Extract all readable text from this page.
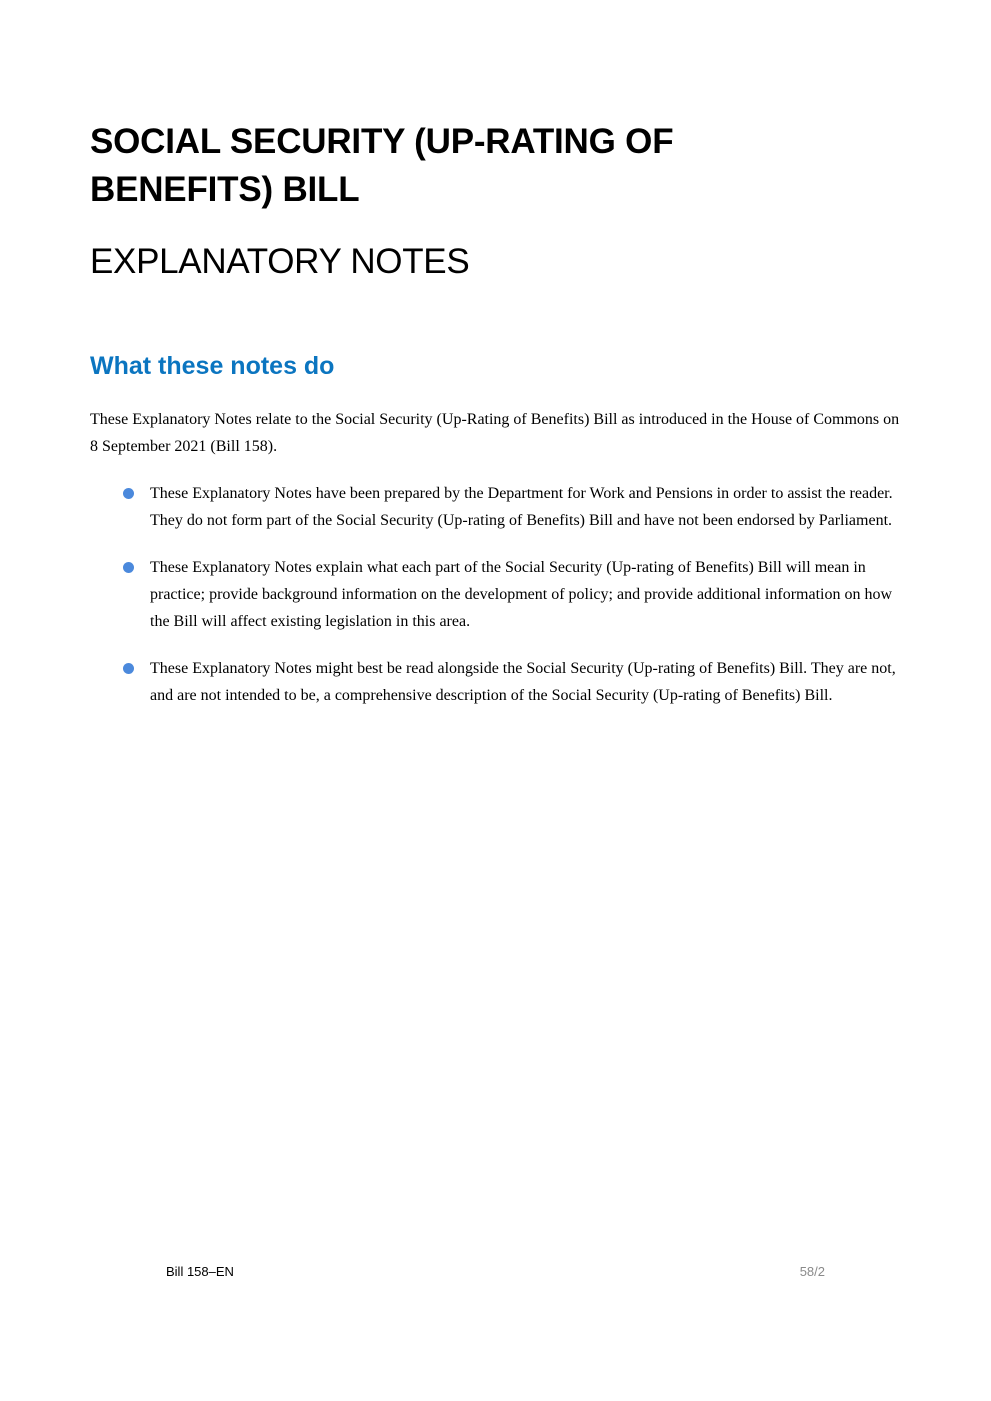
SOCIAL SECURITY (UP-RATING OF BENEFITS) BILL
EXPLANATORY NOTES
What these notes do

These Explanatory Notes relate to the Social Security (Up-Rating of Benefits) Bill as introduced in the House of Commons on 8 September 2021 (Bill 158).

These Explanatory Notes have been prepared by the Department for Work and Pensions in order to assist the reader. They do not form part of the Social Security (Up-rating of Benefits) Bill and have not been endorsed by Parliament.
These Explanatory Notes explain what each part of the Social Security (Up-rating of Benefits) Bill will mean in practice; provide background information on the development of policy; and provide additional information on how the Bill will affect existing legislation in this area.
These Explanatory Notes might best be read alongside the Social Security (Up-rating of Benefits) Bill. They are not, and are not intended to be, a comprehensive description of the Social Security (Up-rating of Benefits) Bill.
Bill 158–EN	58/2
